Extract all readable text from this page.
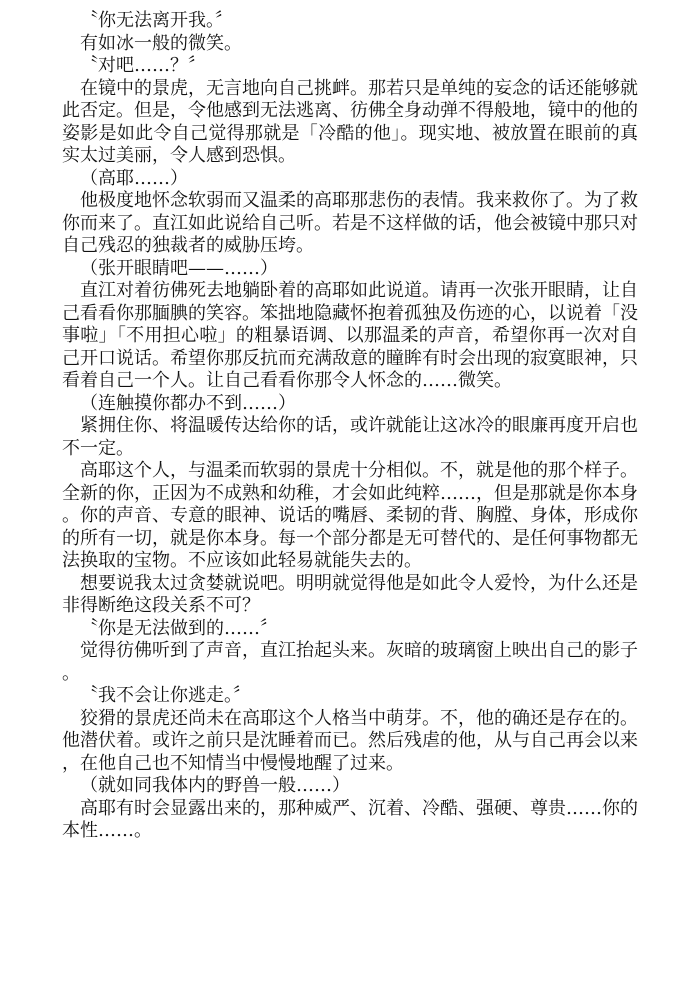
〝你无法离开我。〞

有如冰一般的微笑。

〝对吧……？〞

在镜中的景虎，无言地向自己挑衅。那若只是单纯的妄念的话还能够就此否定。但是，令他感到无法逃离、彷佛全身动弹不得般地，镜中的他的姿影是如此令自己觉得那就是「冷酷的他」。现实地、被放置在眼前的真实太过美丽，令人感到恐惧。

（高耶……）

他极度地怀念软弱而又温柔的高耶那悲伤的表情。我来救你了。为了救你而来了。直江如此说给自己听。若是不这样做的话，他会被镜中那只对自己残忍的独裁者的威胁压垮。

（张开眼睛吧——……）

直江对着彷佛死去地躺卧着的高耶如此说道。请再一次张开眼睛，让自己看看你那腼腆的笑容。笨拙地隐藏怀抱着孤独及伤迹的心，以说着「没事啦」「不用担心啦」的粗暴语调、以那温柔的声音，希望你再一次对自己开口说话。希望你那反抗而充满敌意的瞳眸有时会出现的寂寞眼神，只看着自己一个人。让自己看看你那令人怀念的……微笑。

（连触摸你都办不到……）

紧拥住你、将温暖传达给你的话，或许就能让这冰冷的眼廉再度开启也不一定。

高耶这个人，与温柔而软弱的景虎十分相似。不，就是他的那个样子。全新的你，正因为不成熟和幼稚，才会如此纯粹……，但是那就是你本身。你的声音、专意的眼神、说话的嘴唇、柔韧的背、胸膛、身体，形成你的所有一切，就是你本身。每一个部分都是无可替代的、是任何事物都无法换取的宝物。不应该如此轻易就能失去的。

想要说我太过贪婪就说吧。明明就觉得他是如此令人爱怜，为什么还是非得断绝这段关系不可？

〝你是无法做到的……〞

觉得彷佛听到了声音，直江抬起头来。灰暗的玻璃窗上映出自己的影子。

〝我不会让你逃走。〞

狡猾的景虎还尚未在高耶这个人格当中萌芽。不，他的确还是存在的。他潜伏着。或许之前只是沈睡着而已。然后残虐的他，从与自己再会以来，在他自己也不知情当中慢慢地醒了过来。

（就如同我体内的野兽一般……）

高耶有时会显露出来的，那种威严、沉着、冷酷、强硬、尊贵……你的本性……。
